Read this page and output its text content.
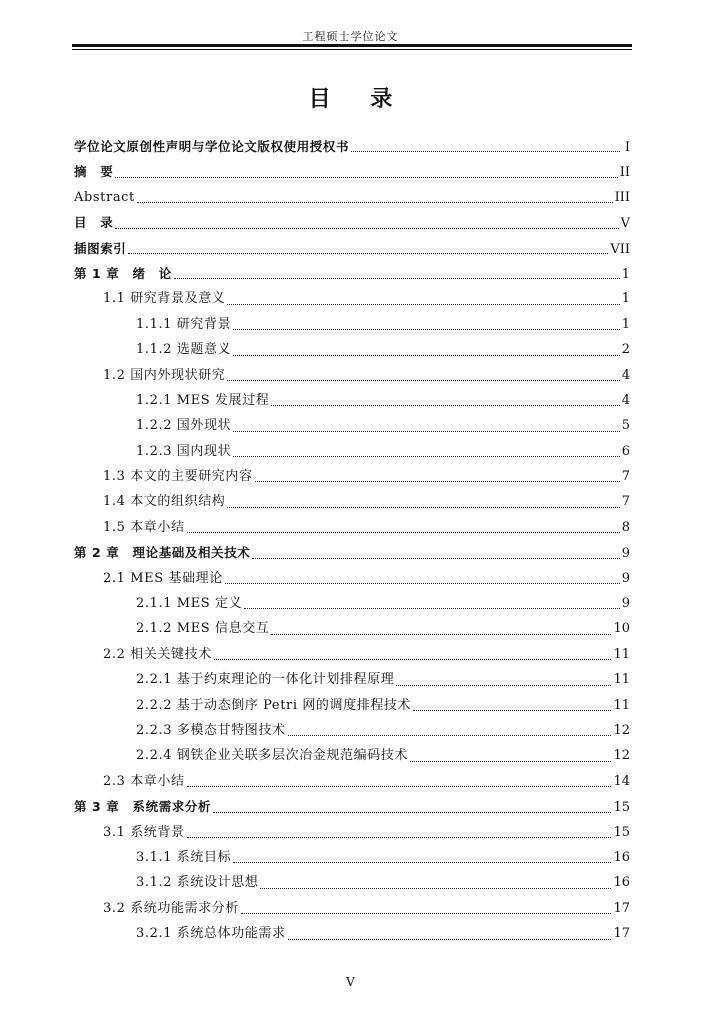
工程硕士学位论文
目 录
学位论文原创性声明与学位论文版权使用授权书	I
摘　要	II
Abstract	III
目　录	V
插图索引	VII
第 1 章　绪　论	1
1.1 研究背景及意义	1
1.1.1 研究背景	1
1.1.2 选题意义	2
1.2 国内外现状研究	4
1.2.1 MES 发展过程	4
1.2.2 国外现状	5
1.2.3 国内现状	6
1.3 本文的主要研究内容	7
1.4 本文的组织结构	7
1.5 本章小结	8
第 2 章　理论基础及相关技术	9
2.1 MES 基础理论	9
2.1.1 MES 定义	9
2.1.2 MES 信息交互	10
2.2 相关关键技术	11
2.2.1 基于约束理论的一体化计划排程原理	11
2.2.2 基于动态倒序 Petri 网的调度排程技术	11
2.2.3 多模态甘特图技术	12
2.2.4 钢铁企业关联多层次冶金规范编码技术	12
2.3 本章小结	14
第 3 章　系统需求分析	15
3.1 系统背景	15
3.1.1 系统目标	16
3.1.2 系统设计思想	16
3.2 系统功能需求分析	17
3.2.1 系统总体功能需求	17
V
